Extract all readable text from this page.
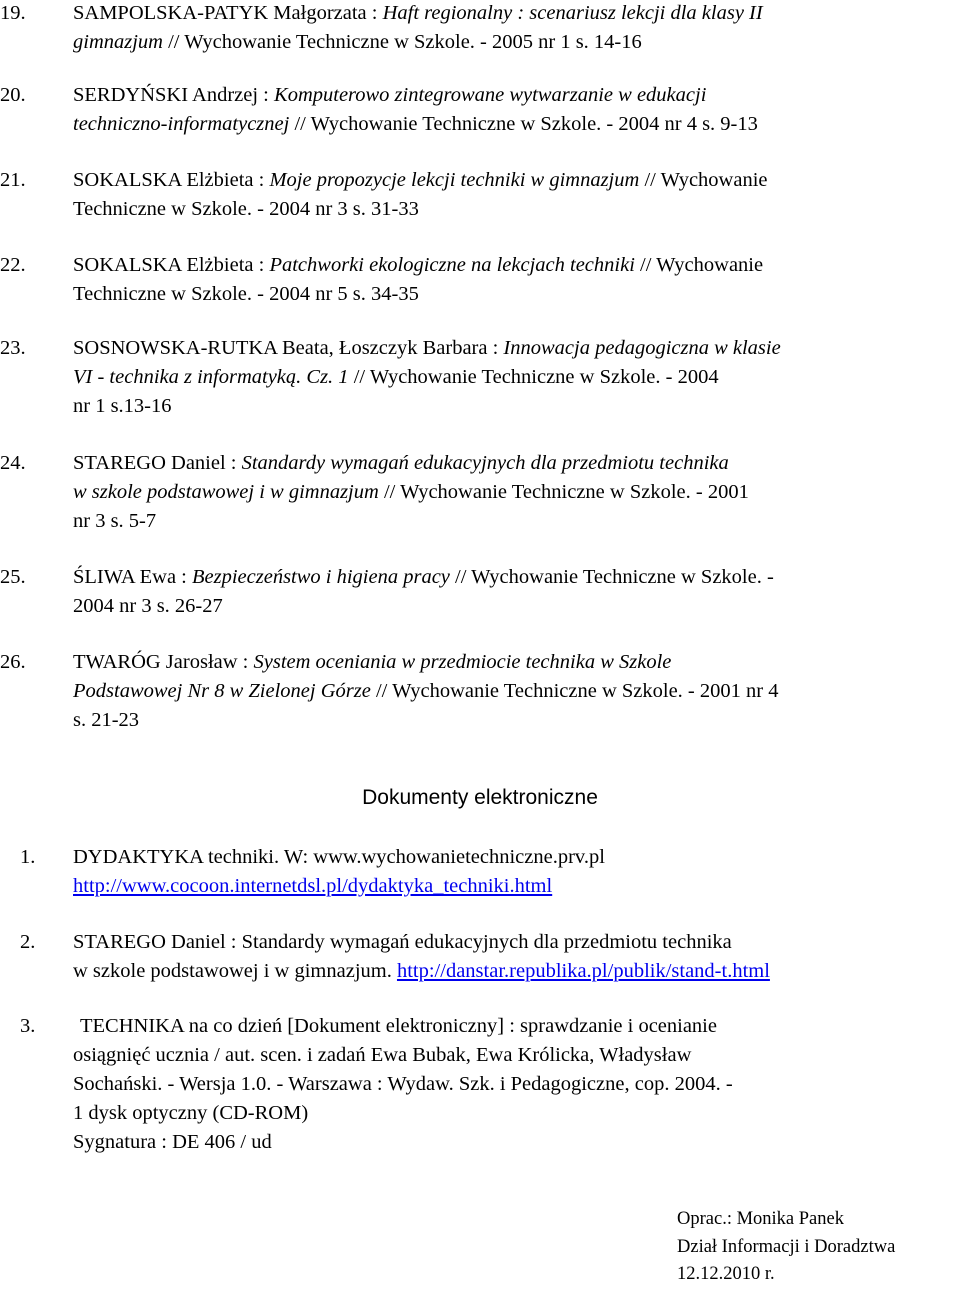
19.	SAMPOLSKA-PATYK Małgorzata : Haft regionalny : scenariusz lekcji dla klasy II
gimnazjum // Wychowanie Techniczne w Szkole. - 2005 nr 1 s. 14-16
20.	SERDYŃSKI Andrzej : Komputerowo zintegrowane wytwarzanie w edukacji
techniczno-informatycznej // Wychowanie Techniczne w Szkole. - 2004 nr 4 s. 9-13
21.	SOKALSKA Elżbieta : Moje propozycje lekcji techniki w gimnazjum // Wychowanie
Techniczne w Szkole. - 2004 nr 3 s. 31-33
22.	SOKALSKA Elżbieta : Patchworki ekologiczne na lekcjach techniki // Wychowanie
Techniczne w Szkole. - 2004 nr 5 s. 34-35
23.	SOSNOWSKA-RUTKA Beata, Łoszczyk Barbara : Innowacja pedagogiczna w klasie
VI - technika z informatyką. Cz. 1 // Wychowanie Techniczne w Szkole. - 2004
nr 1 s.13-16
24.	STAREGO Daniel : Standardy wymagań edukacyjnych dla przedmiotu technika
w szkole podstawowej i w gimnazjum // Wychowanie Techniczne w Szkole. - 2001
nr 3 s. 5-7
25.	ŚLIWA Ewa : Bezpieczeństwo i higiena pracy // Wychowanie Techniczne w Szkole. -
2004 nr 3 s. 26-27
26.	TWARÓG Jarosław : System oceniania w przedmiocie technika w Szkole
Podstawowej Nr 8 w Zielonej Górze // Wychowanie Techniczne w Szkole. - 2001 nr 4
s. 21-23
Dokumenty elektroniczne
1.	DYDAKTYKA techniki. W: www.wychowanietechniczne.prv.pl
http://www.cocoon.internetdsl.pl/dydaktyka_techniki.html
2.	STAREGO Daniel : Standardy wymagań edukacyjnych dla przedmiotu technika
w szkole podstawowej i w gimnazjum. http://danstar.republika.pl/publik/stand-t.html
3.	TECHNIKA na co dzień [Dokument elektroniczny] : sprawdzanie i ocenianie
osiągnięć ucznia / aut. scen. i zadań Ewa Bubak, Ewa Królicka, Władysław
Sochański. - Wersja 1.0. - Warszawa : Wydaw. Szk. i Pedagogiczne, cop. 2004. -
1 dysk optyczny (CD-ROM)
Sygnatura : DE 406 / ud
Oprac.: Monika Panek
Dział Informacji i Doradztwa
12.12.2010 r.
